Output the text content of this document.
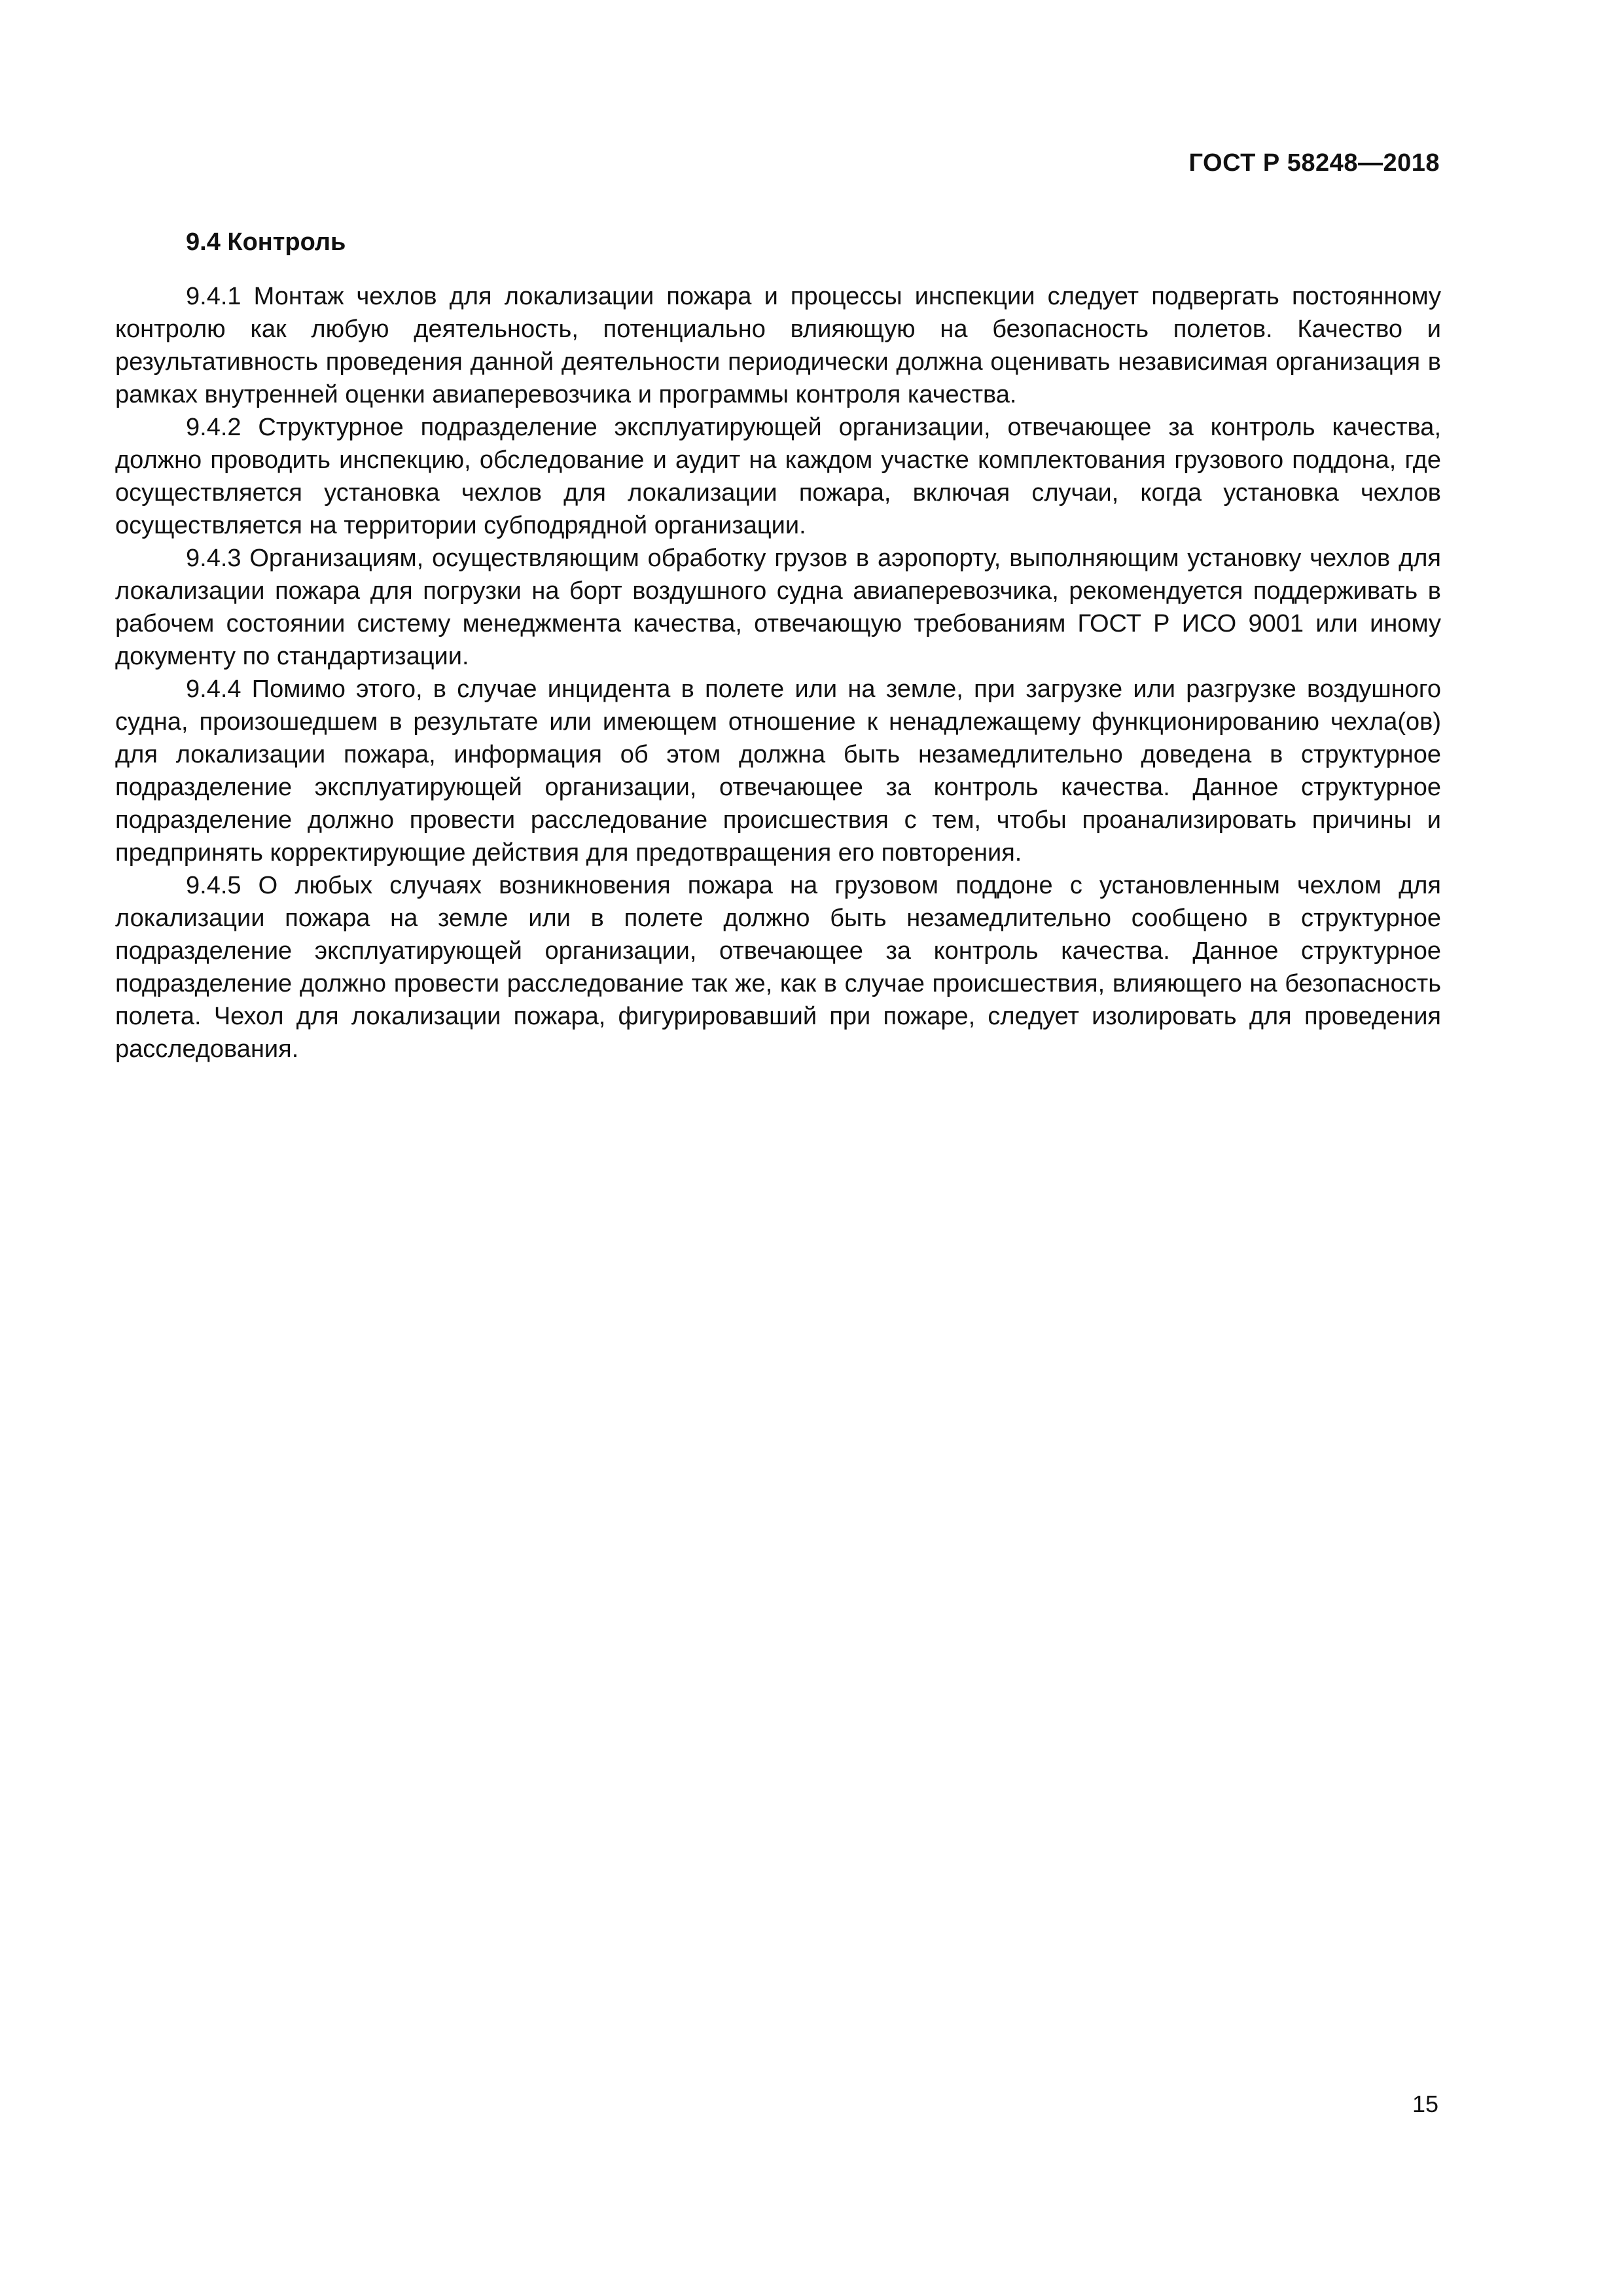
ГОСТ Р 58248—2018

9.4 Контроль

9.4.1 Монтаж чехлов для локализации пожара и процессы инспекции следует подвергать постоянному контролю как любую деятельность, потенциально влияющую на безопасность полетов. Качество и результативность проведения данной деятельности периодически должна оценивать независимая организация в рамках внутренней оценки авиаперевозчика и программы контроля качества.

9.4.2 Структурное подразделение эксплуатирующей организации, отвечающее за контроль качества, должно проводить инспекцию, обследование и аудит на каждом участке комплектования грузового поддона, где осуществляется установка чехлов для локализации пожара, включая случаи, когда установка чехлов осуществляется на территории субподрядной организации.

9.4.3 Организациям, осуществляющим обработку грузов в аэропорту, выполняющим установку чехлов для локализации пожара для погрузки на борт воздушного судна авиаперевозчика, рекомендуется поддерживать в рабочем состоянии систему менеджмента качества, отвечающую требованиям ГОСТ Р ИСО 9001 или иному документу по стандартизации.

9.4.4 Помимо этого, в случае инцидента в полете или на земле, при загрузке или разгрузке воздушного судна, произошедшем в результате или имеющем отношение к ненадлежащему функционированию чехла(ов) для локализации пожара, информация об этом должна быть незамедлительно доведена в структурное подразделение эксплуатирующей организации, отвечающее за контроль качества. Данное структурное подразделение должно провести расследование происшествия с тем, чтобы проанализировать причины и предпринять корректирующие действия для предотвращения его повторения.

9.4.5 О любых случаях возникновения пожара на грузовом поддоне с установленным чехлом для локализации пожара на земле или в полете должно быть незамедлительно сообщено в структурное подразделение эксплуатирующей организации, отвечающее за контроль качества. Данное структурное подразделение должно провести расследование так же, как в случае происшествия, влияющего на безопасность полета. Чехол для локализации пожара, фигурировавший при пожаре, следует изолировать для проведения расследования.

15
